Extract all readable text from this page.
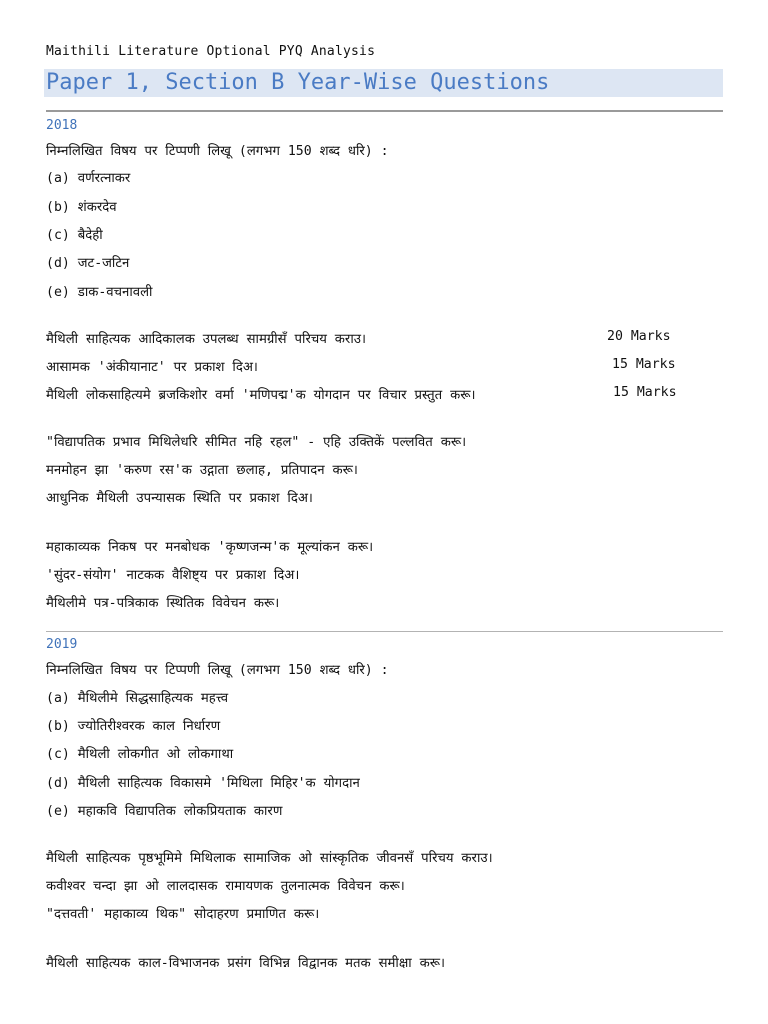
Maithili Literature Optional PYQ Analysis
Paper 1, Section B Year-Wise Questions
2018
निम्नलिखित विषय पर टिप्पणी लिखू (लगभग 150 शब्द धरि) :
(a) वर्णरत्नाकर
(b) शंकरदेव
(c) बैदेही
(d) जट-जटिन
(e) डाक-वचनावली
मैथिली साहित्यक आदिकालक उपलब्ध सामग्रीसँ परिचय कराउ।	20 Marks
आसामक 'अंकीयानाट' पर प्रकाश दिअ।	15 Marks
मैथिली लोकसाहित्यमे ब्रजकिशोर वर्मा 'मणिपद्म'क योगदान पर विचार प्रस्तुत करू।	15 Marks
"विद्यापतिक प्रभाव मिथिलेधरि सीमित नहि रहल" - एहि उक्तिकें पल्लवित करू।
मनमोहन झा 'करुण रस'क उद्गाता छलाह, प्रतिपादन करू।
आधुनिक मैथिली उपन्यासक स्थिति पर प्रकाश दिअ।
महाकाव्यक निकष पर मनबोधक 'कृष्णजन्म'क मूल्यांकन करू।
'सुंदर-संयोग' नाटकक वैशिष्ट्य पर प्रकाश दिअ।
मैथिलीमे पत्र-पत्रिकाक स्थितिक विवेचन करू।
2019
निम्नलिखित विषय पर टिप्पणी लिखू (लगभग 150 शब्द धरि) :
(a) मैथिलीमे सिद्धसाहित्यक महत्त्व
(b) ज्योतिरीश्वरक काल निर्धारण
(c) मैथिली लोकगीत ओ लोकगाथा
(d) मैथिली साहित्यक विकासमे 'मिथिला मिहिर'क योगदान
(e) महाकवि विद्यापतिक लोकप्रियताक कारण
मैथिली साहित्यक पृष्ठभूमिमे मिथिलाक सामाजिक ओ सांस्कृतिक जीवनसँ परिचय कराउ।
कवीश्वर चन्दा झा ओ लालदासक रामायणक तुलनात्मक विवेचन करू।
"दत्तवती' महाकाव्य थिक" सोदाहरण प्रमाणित करू।
मैथिली साहित्यक काल-विभाजनक प्रसंग विभिन्न विद्वानक मतक समीक्षा करू।
